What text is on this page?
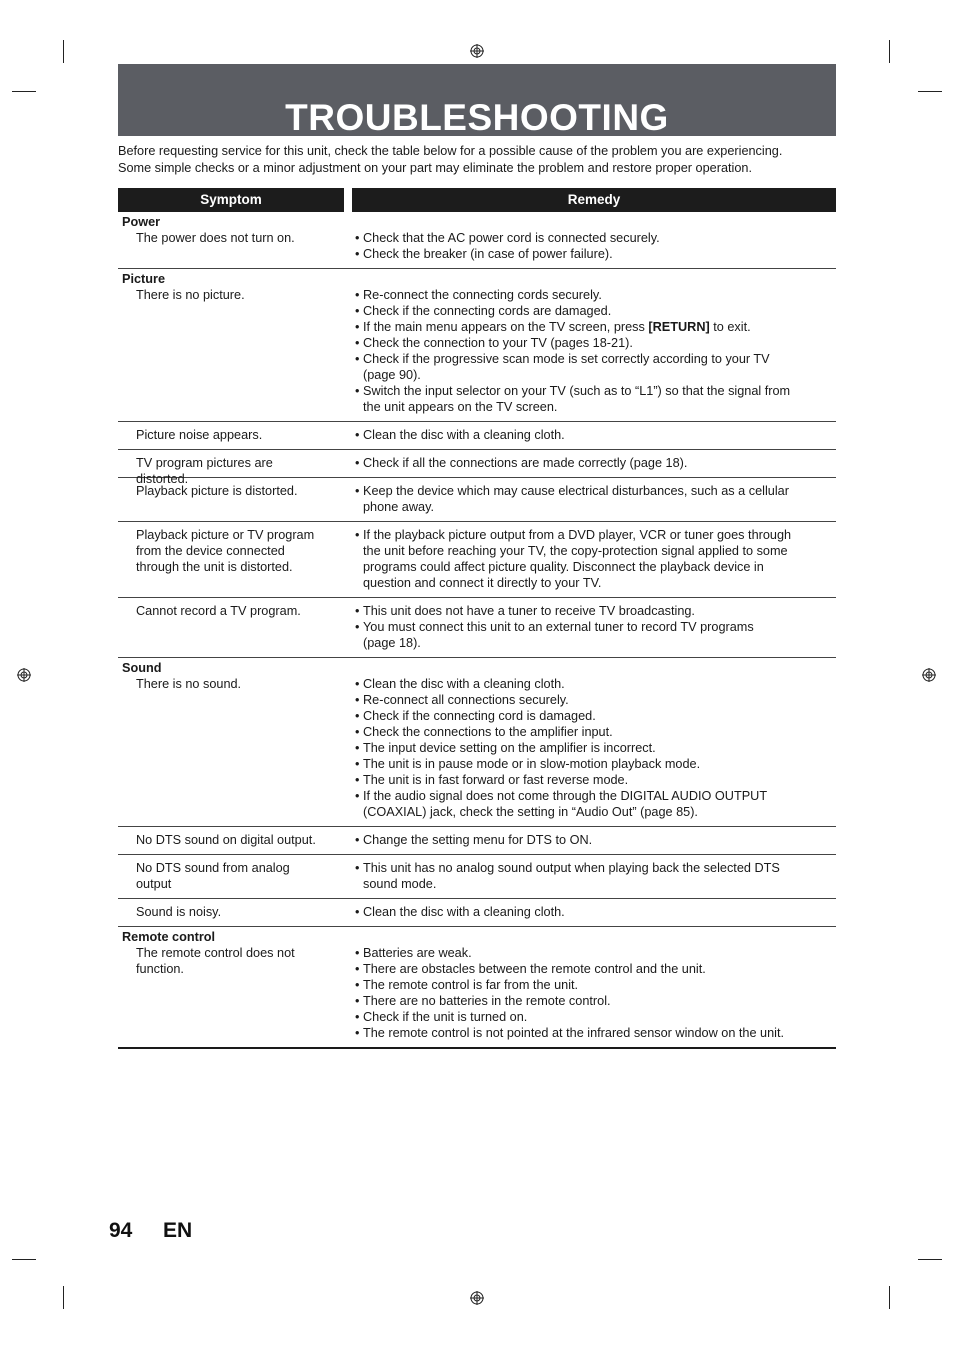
TROUBLESHOOTING
Before requesting service for this unit, check the table below for a possible cause of the problem you are experiencing.
Some simple checks or a minor adjustment on your part may eliminate the problem and restore proper operation.
Symptom	Remedy
Power
The power does not turn on.	• Check that the AC power cord is connected securely.
• Check the breaker (in case of power failure).
Picture
There is no picture.	• Re-connect the connecting cords securely.
• Check if the connecting cords are damaged.
• If the main menu appears on the TV screen, press [RETURN] to exit.
• Check the connection to your TV (pages 18-21).
• Check if the progressive scan mode is set correctly according to your TV
(page 90).
• Switch the input selector on your TV (such as to “L1”) so that the signal from
the unit appears on the TV screen.
Picture noise appears.	• Clean the disc with a cleaning cloth.
TV program pictures are
distorted.
• Check if all the connections are made correctly (page 18).
Playback picture is distorted.	• Keep the device which may cause electrical disturbances, such as a cellular
phone away.
Playback picture or TV program
from the device connected
through the unit is distorted.
• If the playback picture output from a DVD player, VCR or tuner goes through
the unit before reaching your TV, the copy-protection signal applied to some
programs could affect picture quality. Disconnect the playback device in
question and connect it directly to your TV.
Cannot record a TV program.	• This unit does not have a tuner to receive TV broadcasting.
• You must connect this unit to an external tuner to record TV programs
(page 18).
Sound
There is no sound.	• Clean the disc with a cleaning cloth.
• Re-connect all connections securely.
• Check if the connecting cord is damaged.
• Check the connections to the amplifier input.
• The input device setting on the amplifier is incorrect.
• The unit is in pause mode or in slow-motion playback mode.
• The unit is in fast forward or fast reverse mode.
• If the audio signal does not come through the DIGITAL AUDIO OUTPUT
(COAXIAL) jack, check the setting in “Audio Out” (page 85).
No DTS sound on digital output.	• Change the setting menu for DTS to ON.
No DTS sound from analog
output
• This unit has no analog sound output when playing back the selected DTS
sound mode.
Sound is noisy.	• Clean the disc with a cleaning cloth.
Remote control
The remote control does not
function.
• Batteries are weak.
• There are obstacles between the remote control and the unit.
• The remote control is far from the unit.
• There are no batteries in the remote control.
• Check if the unit is turned on.
• The remote control is not pointed at the infrared sensor window on the unit.
94 EN
